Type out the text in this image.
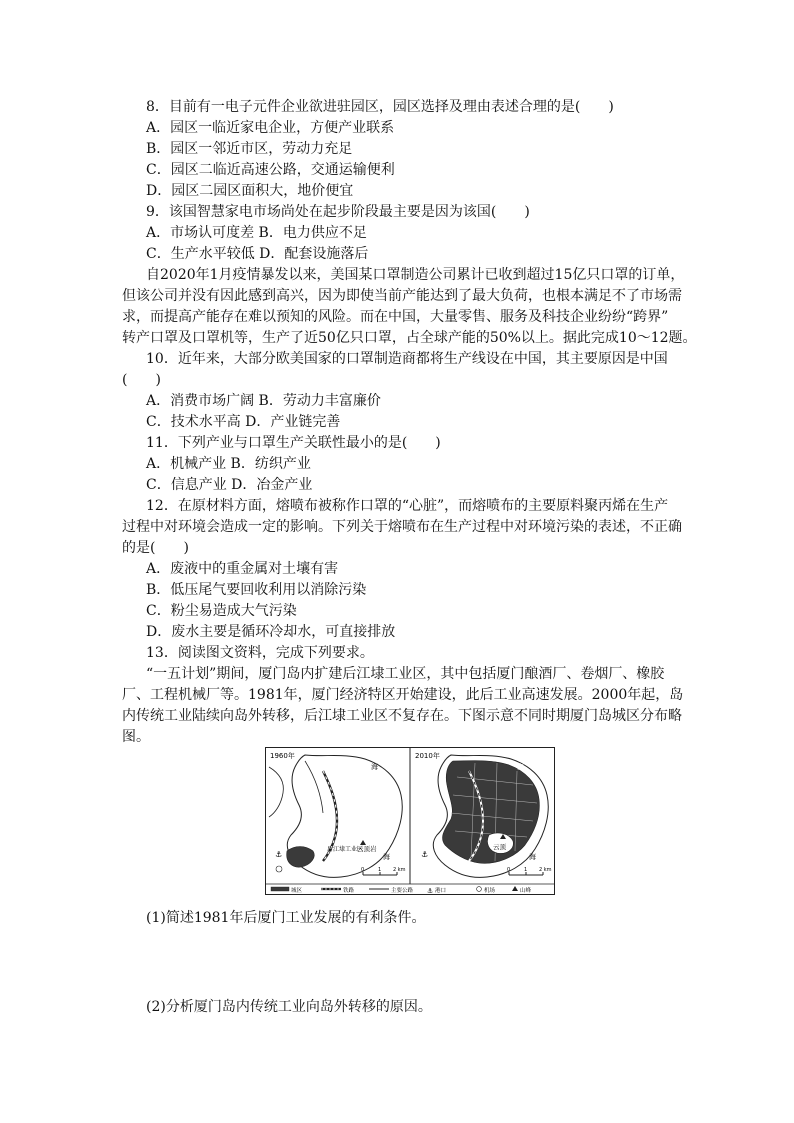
8．目前有一电子元件企业欲进驻园区，园区选择及理由表述合理的是(　　)
A．园区一临近家电企业，方便产业联系
B．园区一邻近市区，劳动力充足
C．园区二临近高速公路，交通运输便利
D．园区二园区面积大，地价便宜
9．该国智慧家电市场尚处在起步阶段最主要是因为该国(　　)
A．市场认可度差 B．电力供应不足
C．生产水平较低 D．配套设施落后
自2020年1月疫情暴发以来，美国某口罩制造公司累计已收到超过15亿只口罩的订单，
但该公司并没有因此感到高兴，因为即使当前产能达到了最大负荷，也根本满足不了市场需
求，而提高产能存在难以预知的风险。而在中国，大量零售、服务及科技企业纷纷“跨界”
转产口罩及口罩机等，生产了近50亿只口罩，占全球产能的50%以上。据此完成10～12题。
10．近年来，大部分欧美国家的口罩制造商都将生产线设在中国，其主要原因是中国
(　　)
A．消费市场广阔 B．劳动力丰富廉价
C．技术水平高 D．产业链完善
11．下列产业与口罩生产关联性最小的是(　　)
A．机械产业 B．纺织产业
C．信息产业 D．冶金产业
12．在原材料方面，熔喷布被称作口罩的“心脏”，而熔喷布的主要原料聚丙烯在生产
过程中对环境会造成一定的影响。下列关于熔喷布在生产过程中对环境污染的表述，不正确
的是(　　)
A．废液中的重金属对土壤有害
B．低压尾气要回收利用以消除污染
C．粉尘易造成大气污染
D．废水主要是循环冷却水，可直接排放
13．阅读图文资料，完成下列要求。
“一五计划”期间，厦门岛内扩建后江埭工业区，其中包括厦门酿酒厂、卷烟厂、橡胶
厂、工程机械厂等。1981年，厦门经济特区开始建设，此后工业高速发展。2000年起，岛
内传统工业陆续向岛外转移，后江埭工业区不复存在。下图示意不同时期厦门岛城区分布略
图。
1960年
后江埭工业区
云顶岩
海
海
⚓
0	1 2 km
2010年
云顶
海
海
⚓
0	1 2 km
城区	铁路	主要公路 ⚓ 港口	机场	山峰
(1)简述1981年后厦门工业发展的有利条件。
(2)分析厦门岛内传统工业向岛外转移的原因。
